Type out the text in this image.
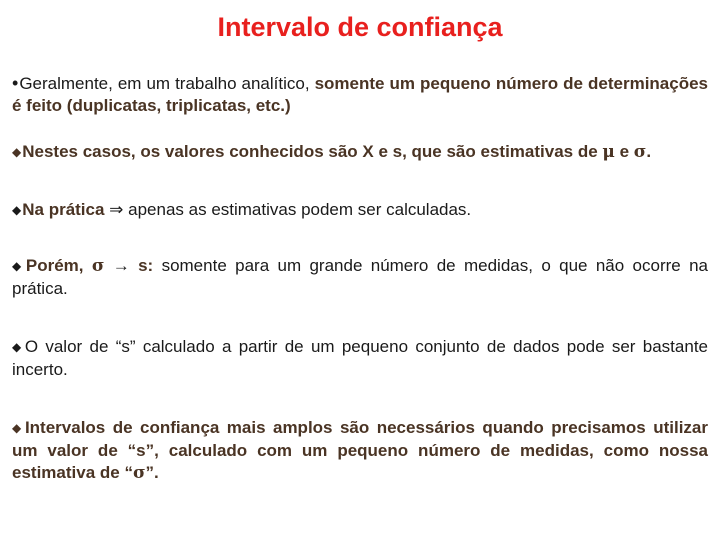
Intervalo de confiança

•Geralmente, em um trabalho analítico, somente um pequeno número de determinações é feito (duplicatas, triplicatas, etc.)

◆Nestes casos, os valores conhecidos são X e s, que são estimativas de μ e σ.

◆Na prática ⇒ apenas as estimativas podem ser calculadas.

◆Porém, σ → s: somente para um grande número de medidas, o que não ocorre na prática.

◆O valor de “s” calculado a partir de um pequeno conjunto de dados pode ser bastante incerto.

◆Intervalos de confiança mais amplos são necessários quando precisamos utilizar um valor de “s”, calculado com um pequeno número de medidas, como nossa estimativa de “σ”.
